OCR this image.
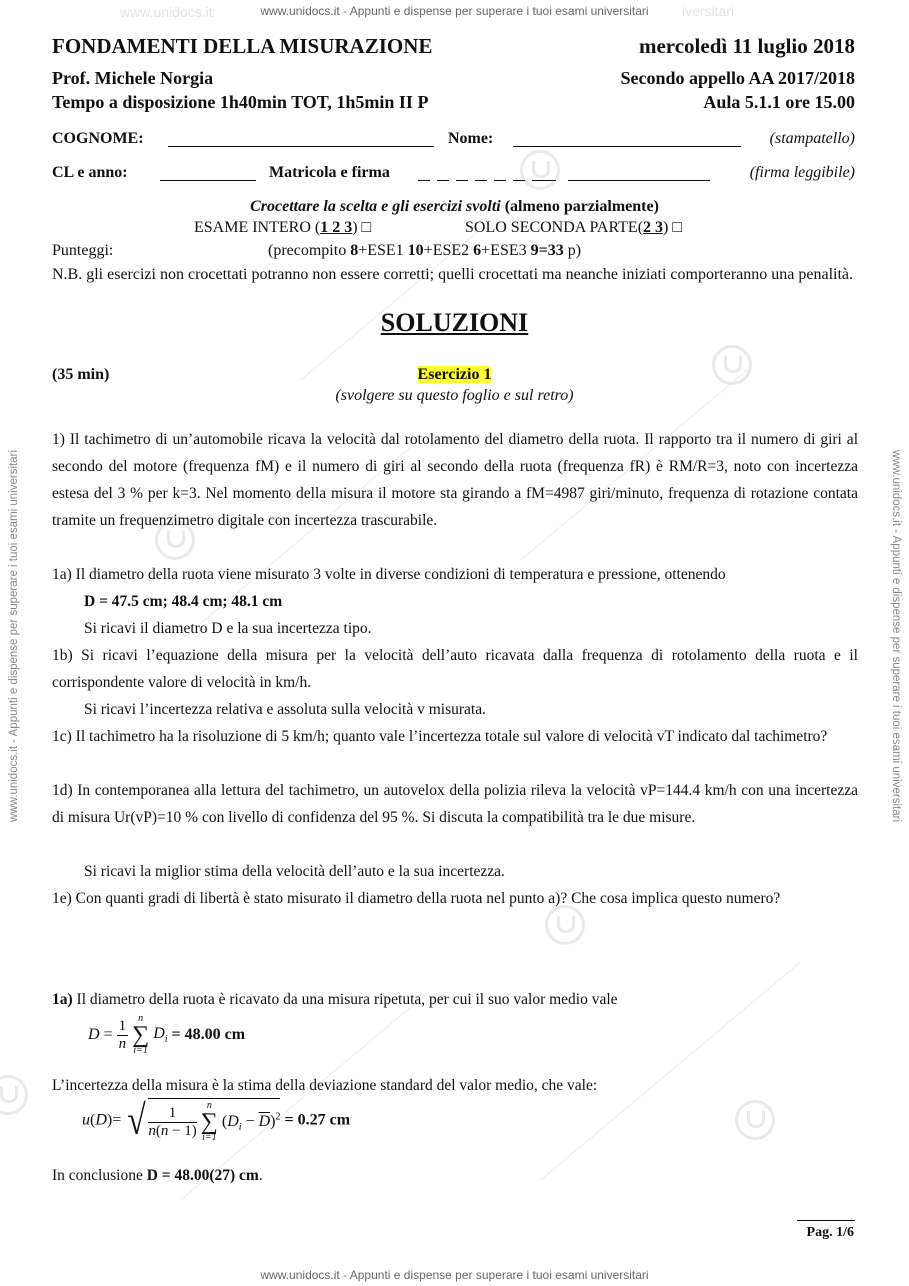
www.unidocs.it	iversitari
www.unidocs.it - Appunti e dispense per superare i tuoi esami universitari
www.unidocs.it - Appunti e dispense per superare i tuoi esami universitari
www.unidocs.it - Appunti e dispense per superare i tuoi esami universitari	www.unidocs.it - Appunti e dispense per superare i tuoi esami universitari
FONDAMENTI DELLA MISURAZIONE	mercoledì 11 luglio 2018
Prof. Michele Norgia	Secondo appello AA 2017/2018
Tempo a disposizione 1h40min TOT, 1h5min II P	Aula 5.1.1 ore 15.00
COGNOME:	Nome:	(stampatello)
CL e anno:	Matricola e firma	(firma leggibile)
Crocettare la scelta e gli esercizi svolti (almeno parzialmente)
ESAME INTERO (1 2 3) □	SOLO SECONDA PARTE(2 3) □
Punteggi:	(precompito 8+ESE1 10+ESE2 6+ESE3 9=33 p)
N.B. gli esercizi non crocettati potranno non essere corretti; quelli crocettati ma neanche iniziati comporteranno una penalità.
SOLUZIONI
(35 min)	Esercizio 1
(svolgere su questo foglio e sul retro)
1) Il tachimetro di un’automobile ricava la velocità dal rotolamento del diametro della ruota. Il rapporto tra il numero di giri al secondo del motore (frequenza fM) e il numero di giri al secondo della ruota (frequenza fR) è RM/R=3, noto con incertezza estesa del 3 % per k=3. Nel momento della misura il motore sta girando a fM=4987 giri/minuto, frequenza di rotazione contata tramite un frequenzimetro digitale con incertezza trascurabile.
1a) Il diametro della ruota viene misurato 3 volte in diverse condizioni di temperatura e pressione, ottenendo
D = 47.5 cm; 48.4 cm; 48.1 cm
Si ricavi il diametro D e la sua incertezza tipo.
1b) Si ricavi l’equazione della misura per la velocità dell’auto ricavata dalla frequenza di rotolamento della ruota e il corrispondente valore di velocità in km/h.
Si ricavi l’incertezza relativa e assoluta sulla velocità v misurata.
1c) Il tachimetro ha la risoluzione di 5 km/h; quanto vale l’incertezza totale sul valore di velocità vT indicato dal tachimetro?
1d) In contemporanea alla lettura del tachimetro, un autovelox della polizia rileva la velocità vP=144.4 km/h con una incertezza di misura Ur(vP)=10 % con livello di confidenza del 95 %. Si discuta la compatibilità tra le due misure.
Si ricavi la miglior stima della velocità dell’auto e la sua incertezza.
1e) Con quanti gradi di libertà è stato misurato il diametro della ruota nel punto a)? Che cosa implica questo numero?
1a) Il diametro della ruota è ricavato da una misura ripetuta, per cui il suo valor medio vale
$D = \frac{1}{n}$
	n
∑
i=1
$D_i = 48.00$ cm
L’incertezza della misura è la stima della deviazione standard del valor medio, che vale:
u(D)= √ $\frac{1}{n(n - 1)}$
	n
∑
i=1
$(D_i - \overline{D})^2 = 0.27$ cm
In conclusione D = 48.00(27) cm.
Pag. 1/6
